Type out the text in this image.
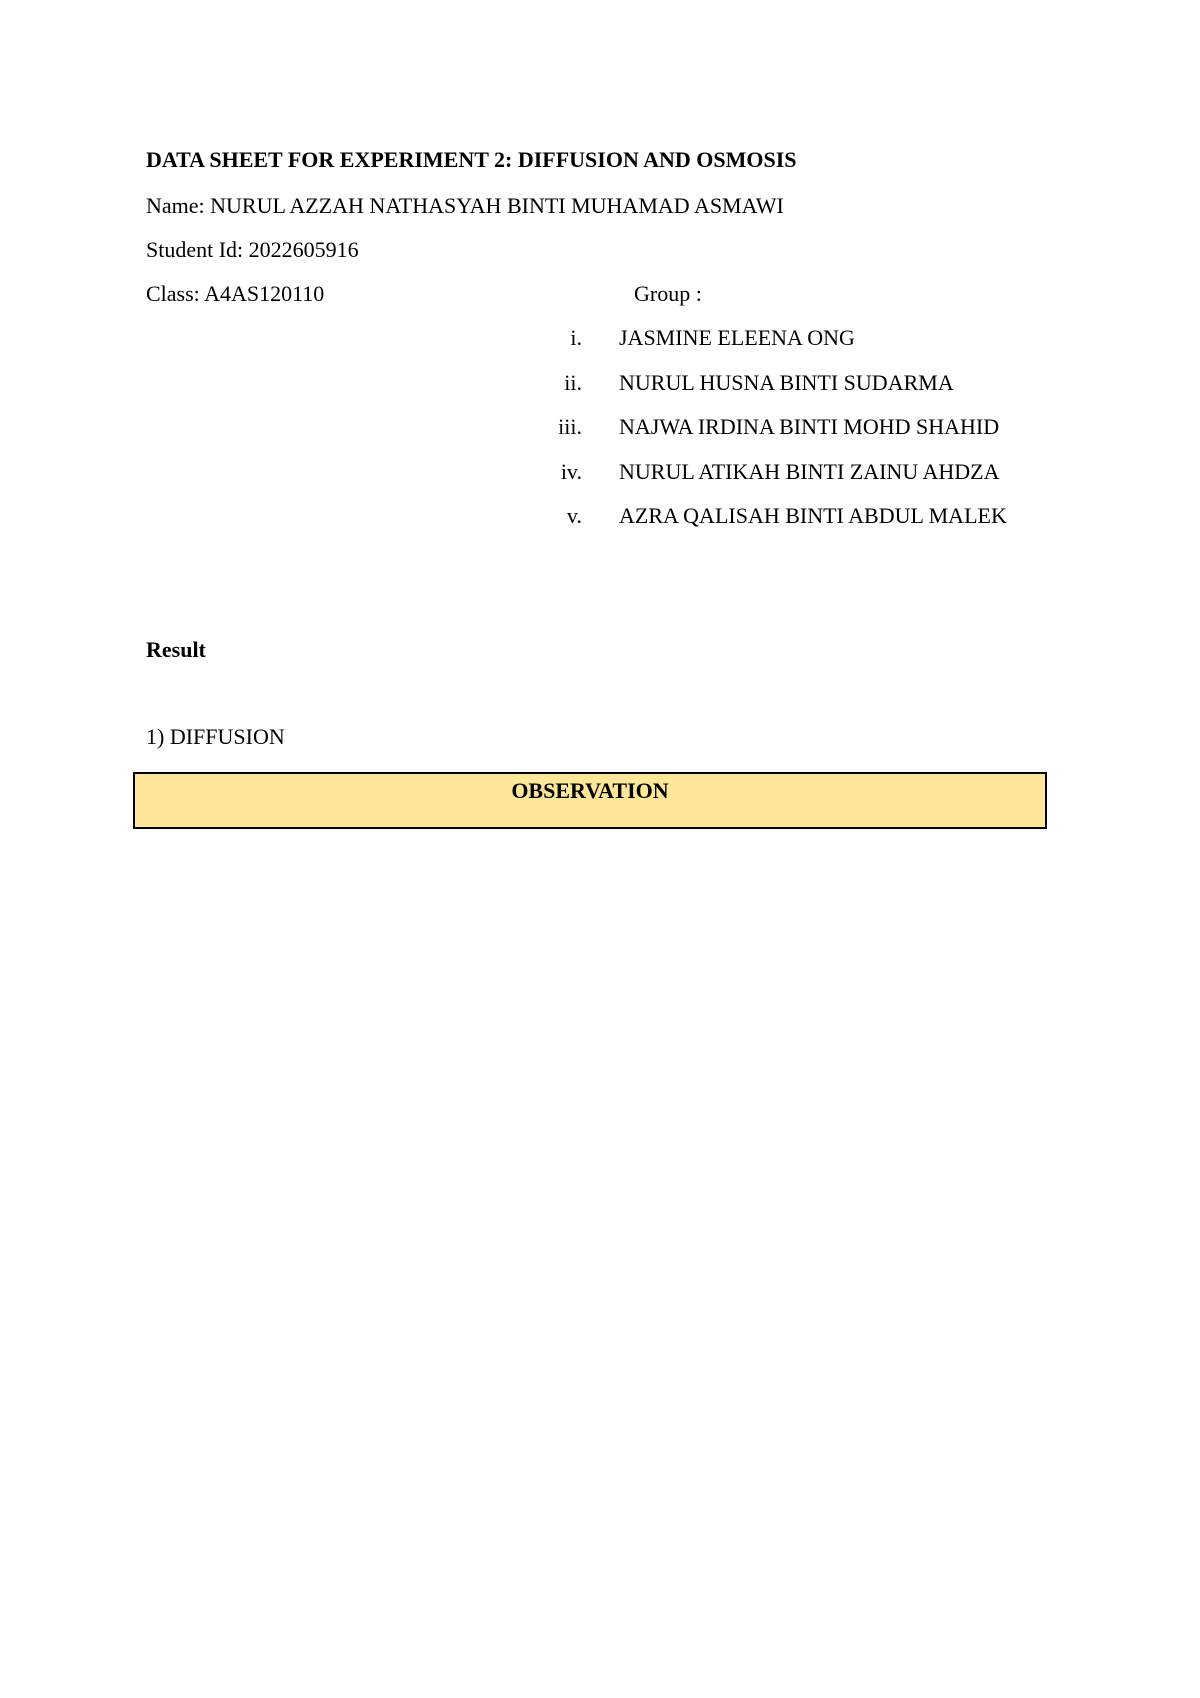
DATA SHEET FOR EXPERIMENT 2: DIFFUSION AND OSMOSIS
Name: NURUL AZZAH NATHASYAH BINTI MUHAMAD ASMAWI
Student Id: 2022605916
Class: A4AS120110	Group :
i. JASMINE ELEENA ONG
ii. NURUL HUSNA BINTI SUDARMA
iii. NAJWA IRDINA BINTI MOHD SHAHID
iv. NURUL ATIKAH BINTI ZAINU AHDZA
v. AZRA QALISAH BINTI ABDUL MALEK
Result
1) DIFFUSION
OBSERVATION
